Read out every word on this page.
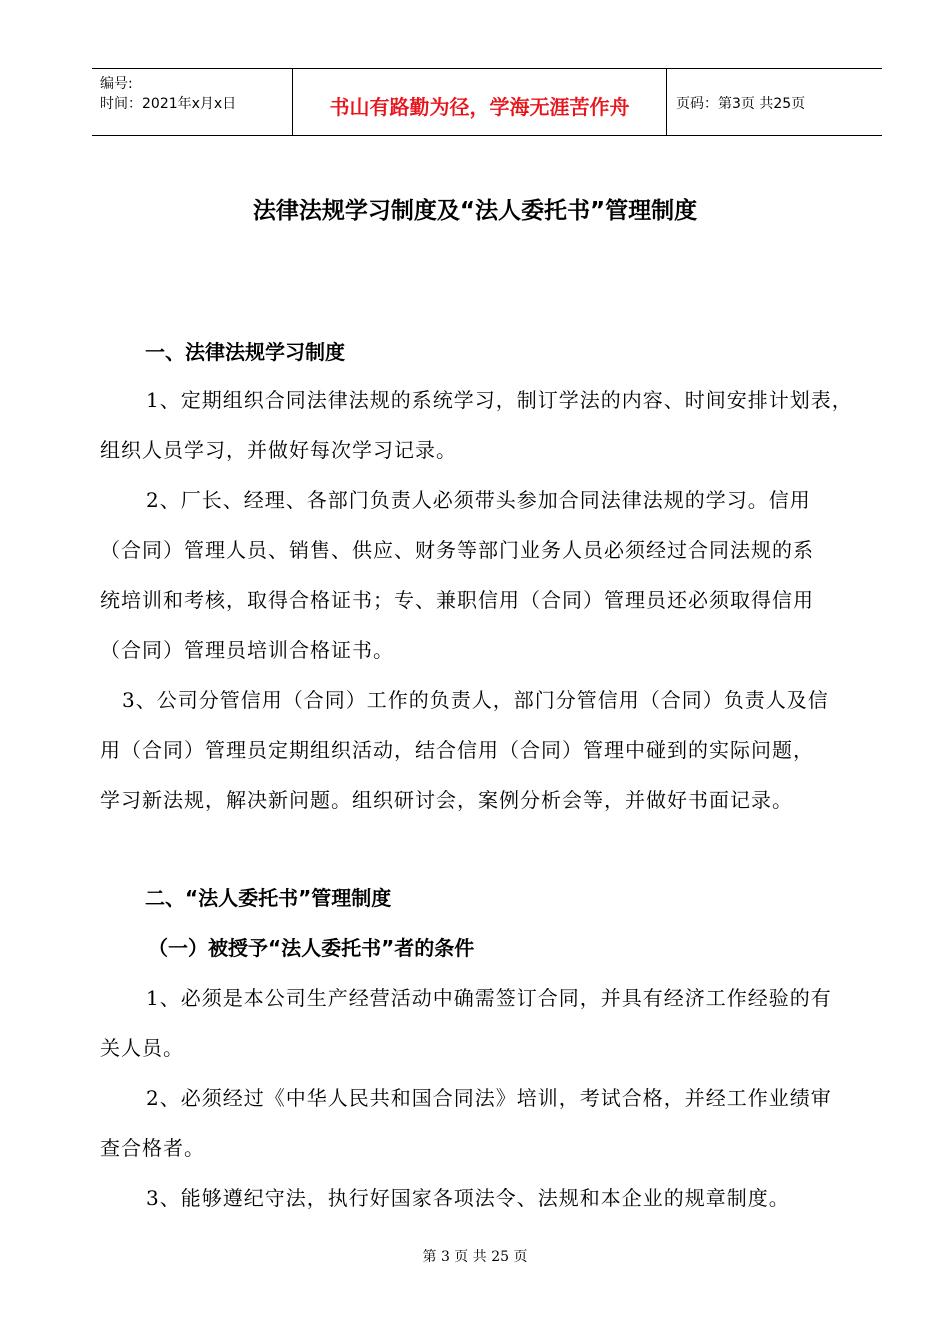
编号:
时间：2021年x月x日	书山有路勤为径，学海无涯苦作舟	页码：第3页 共25页
法律法规学习制度及“法人委托书”管理制度
一、法律法规学习制度
1、定期组织合同法律法规的系统学习，制订学法的内容、时间安排计划表，
组织人员学习，并做好每次学习记录。
2、厂长、经理、各部门负责人必须带头参加合同法律法规的学习。信用
（合同）管理人员、销售、供应、财务等部门业务人员必须经过合同法规的系
统培训和考核，取得合格证书；专、兼职信用（合同）管理员还必须取得信用
（合同）管理员培训合格证书。
3、公司分管信用（合同）工作的负责人，部门分管信用（合同）负责人及信
用（合同）管理员定期组织活动，结合信用（合同）管理中碰到的实际问题，
学习新法规，解决新问题。组织研讨会，案例分析会等，并做好书面记录。
二、“法人委托书”管理制度
（一）被授予“法人委托书”者的条件
1、必须是本公司生产经营活动中确需签订合同，并具有经济工作经验的有
关人员。
2、必须经过《中华人民共和国合同法》培训，考试合格，并经工作业绩审
查合格者。
3、能够遵纪守法，执行好国家各项法令、法规和本企业的规章制度。
第 3 页 共 25 页
